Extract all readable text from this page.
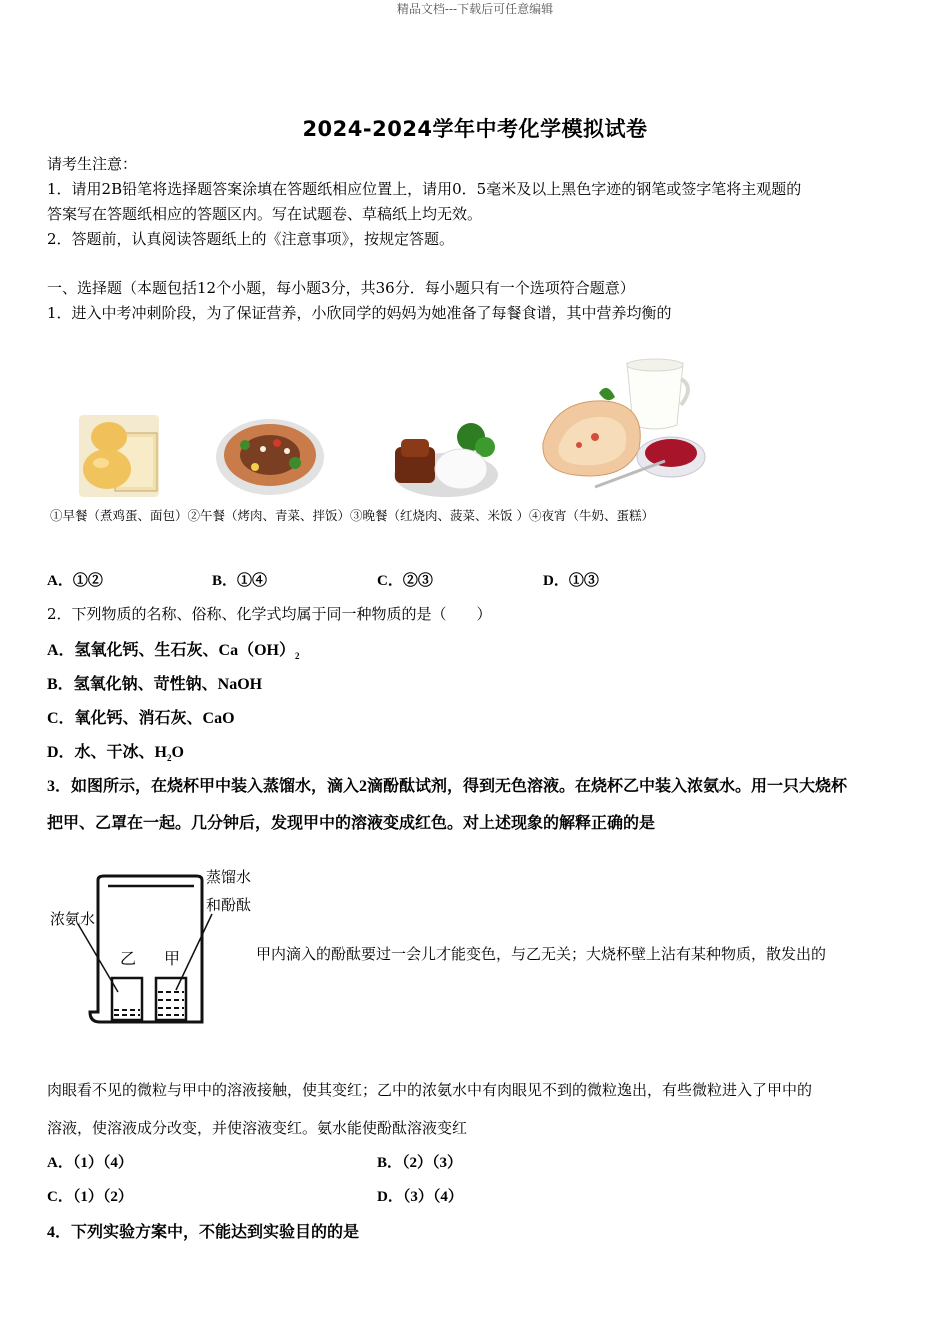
精品文档---下载后可任意编辑
2024-2024学年中考化学模拟试卷
请考生注意：
1．请用2B铅笔将选择题答案涂填在答题纸相应位置上，请用0．5毫米及以上黑色字迹的钢笔或签字笔将主观题的
答案写在答题纸相应的答题区内。写在试题卷、草稿纸上均无效。
2．答题前，认真阅读答题纸上的《注意事项》，按规定答题。
一、选择题（本题包括12个小题，每小题3分，共36分．每小题只有一个选项符合题意）
1．进入中考冲刺阶段，为了保证营养，小欣同学的妈妈为她准备了每餐食谱，其中营养均衡的
①早餐（煮鸡蛋、面包）②午餐（烤肉、青菜、拌饭）③晚餐（红烧肉、菠菜、米饭 ）④夜宵（牛奶、蛋糕）
A．①②	B．①④	C．②③	D．①③
2．下列物质的名称、俗称、化学式均属于同一种物质的是（　　）
A．氢氧化钙、生石灰、$Ca(OH)_2$
B．氢氧化钠、苛性钠、NaOH
C．氧化钙、消石灰、CaO
D．水、干冰、$H_2O$
3．如图所示，在烧杯甲中装入蒸馏水，滴入2滴酚酞试剂，得到无色溶液。在烧杯乙中装入浓氨水。用一只大烧杯
把甲、乙罩在一起。几分钟后，发现甲中的溶液变成红色。对上述现象的解释正确的是
浓氨水
蒸馏水
和酚酞
乙 甲	甲内滴入的酚酞要过一会儿才能变色，与乙无关；大烧杯壁上沾有某种物质，散发出的
肉眼看不见的微粒与甲中的溶液接触，使其变红；乙中的浓氨水中有肉眼见不到的微粒逸出，有些微粒进入了甲中的
溶液，使溶液成分改变，并使溶液变红。氨水能使酚酞溶液变红
A．（1）（4）	B．（2）（3）
C．（1）（2）	D．（3）（4）
4．下列实验方案中，不能达到实验目的的是
